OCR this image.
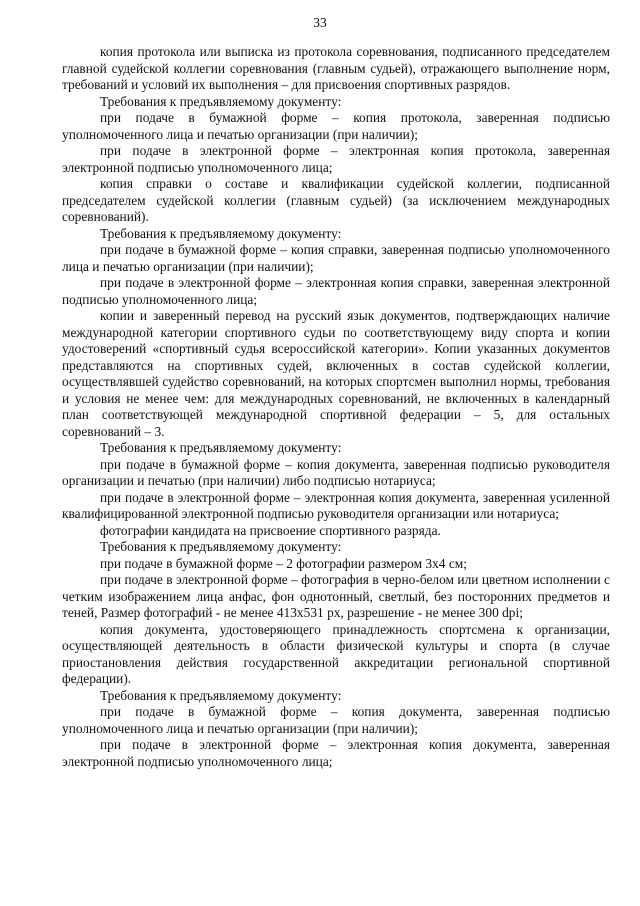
33

копия протокола или выписка из протокола соревнования, подписанного председателем главной судейской коллегии соревнования (главным судьей), отражающего выполнение норм, требований и условий их выполнения – для присвоения спортивных разрядов.

Требования к предъявляемому документу:

при подаче в бумажной форме – копия протокола, заверенная подписью уполномоченного лица и печатью организации (при наличии);

при подаче в электронной форме – электронная копия протокола, заверенная электронной подписью уполномоченного лица;

копия справки о составе и квалификации судейской коллегии, подписанной председателем судейской коллегии (главным судьей) (за исключением международных соревнований).

Требования к предъявляемому документу:

при подаче в бумажной форме – копия справки, заверенная подписью уполномоченного лица и печатью организации (при наличии);

при подаче в электронной форме – электронная копия справки, заверенная электронной подписью уполномоченного лица;

копии и заверенный перевод на русский язык документов, подтверждающих наличие международной категории спортивного судьи по соответствующему виду спорта и копии удостоверений «спортивный судья всероссийской категории». Копии указанных документов представляются на спортивных судей, включенных в состав судейской коллегии, осуществлявшей судейство соревнований, на которых спортсмен выполнил нормы, требования и условия не менее чем: для международных соревнований, не включенных в календарный план соответствующей международной спортивной федерации – 5, для остальных соревнований – 3.

Требования к предъявляемому документу:

при подаче в бумажной форме – копия документа, заверенная подписью руководителя организации и печатью (при наличии) либо подписью нотариуса;

при подаче в электронной форме – электронная копия документа, заверенная усиленной квалифицированной электронной подписью руководителя организации или нотариуса;

фотографии кандидата на присвоение спортивного разряда.

Требования к предъявляемому документу:

при подаче в бумажной форме – 2 фотографии размером 3x4 см;

при подаче в электронной форме – фотография в черно-белом или цветном исполнении с четким изображением лица анфас, фон однотонный, светлый, без посторонних предметов и теней, Размер фотографий - не менее 413x531 px, разрешение - не менее 300 dpi;

копия документа, удостоверяющего принадлежность спортсмена к организации, осуществляющей деятельность в области физической культуры и спорта (в случае приостановления действия государственной аккредитации региональной спортивной федерации).

Требования к предъявляемому документу:

при подаче в бумажной форме – копия документа, заверенная подписью уполномоченного лица и печатью организации (при наличии);

при подаче в электронной форме – электронная копия документа, заверенная электронной подписью уполномоченного лица;
